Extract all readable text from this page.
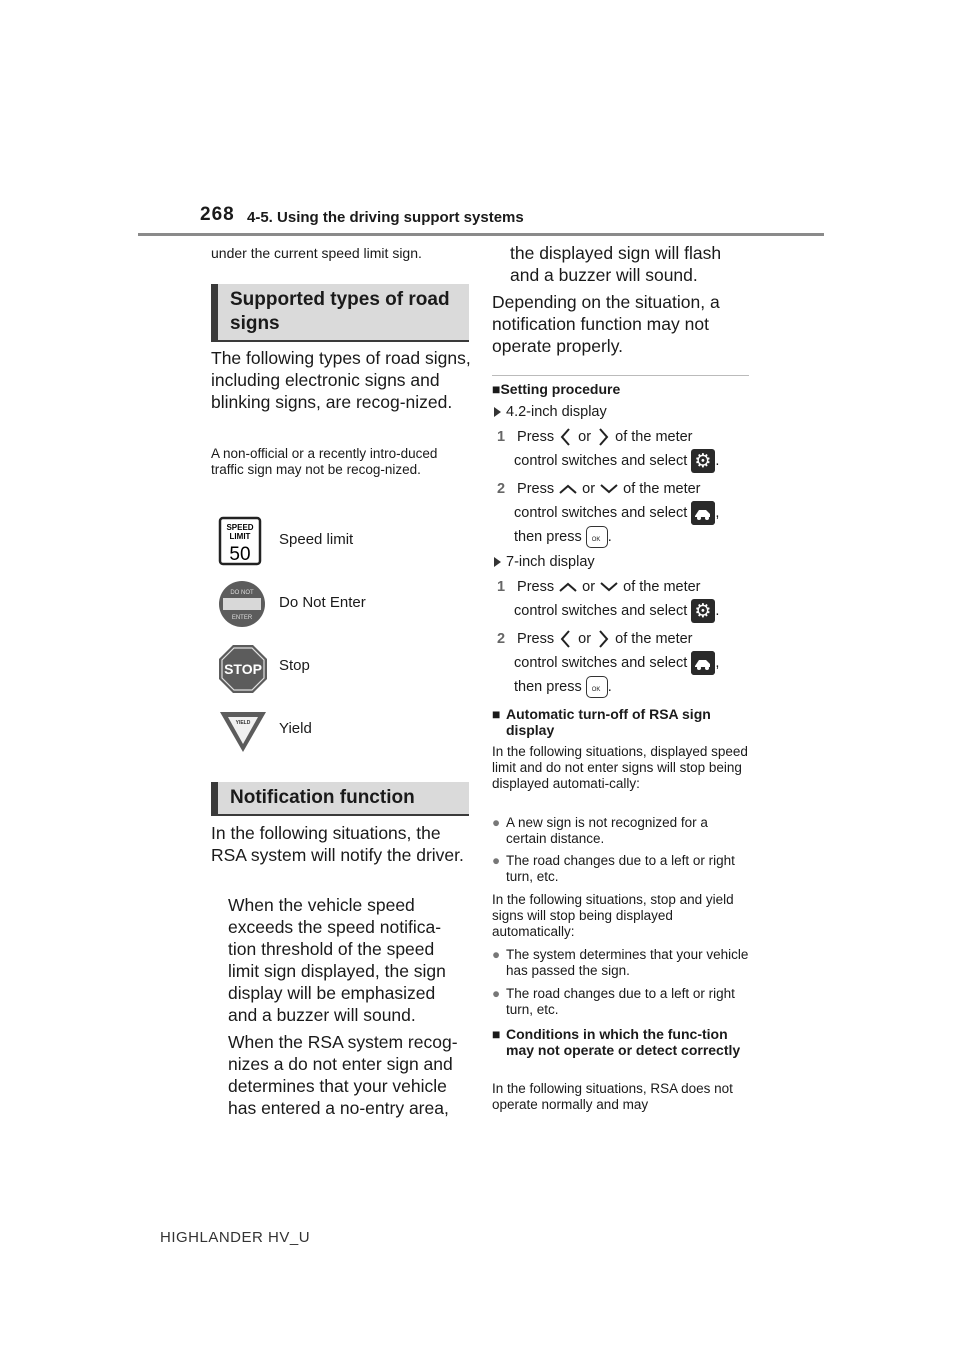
268 4-5. Using the driving support systems
under the current speed limit sign.
Supported types of road signs
The following types of road signs, including electronic signs and blinking signs, are recog-nized.
A non-official or a recently intro-duced traffic sign may not be recog-nized.
SPEED
LIMIT
50
Speed limit
DO NOT
ENTER
Do Not Enter
STOP Stop
YIELD Yield
Notification function
In the following situations, the RSA system will notify the driver.
When the vehicle speed exceeds the speed notifica-tion threshold of the speed limit sign displayed, the sign display will be emphasized and a buzzer will sound.
When the RSA system recog-nizes a do not enter sign and determines that your vehicle has entered a no-entry area,
the displayed sign will flash and a buzzer will sound.
Depending on the situation, a notification function may not operate properly.
■Setting procedure
4.2-inch display
1 Press or of the meter
control switches and select ⚙ .
2 Press or of the meter
control switches and select ,
then press OK .
7-inch display
1 Press or of the meter
control switches and select ⚙ .
2 Press or of the meter
control switches and select ,
then press OK .
■ Automatic turn-off of RSA sign display
In the following situations, displayed speed limit and do not enter signs will stop being displayed automati-cally:
● A new sign is not recognized for a certain distance.
● The road changes due to a left or right turn, etc.
In the following situations, stop and yield signs will stop being displayed automatically:
● The system determines that your vehicle has passed the sign.
● The road changes due to a left or right turn, etc.
■ Conditions in which the func-tion may not operate or detect correctly
In the following situations, RSA does not operate normally and may
HIGHLANDER HV_U
